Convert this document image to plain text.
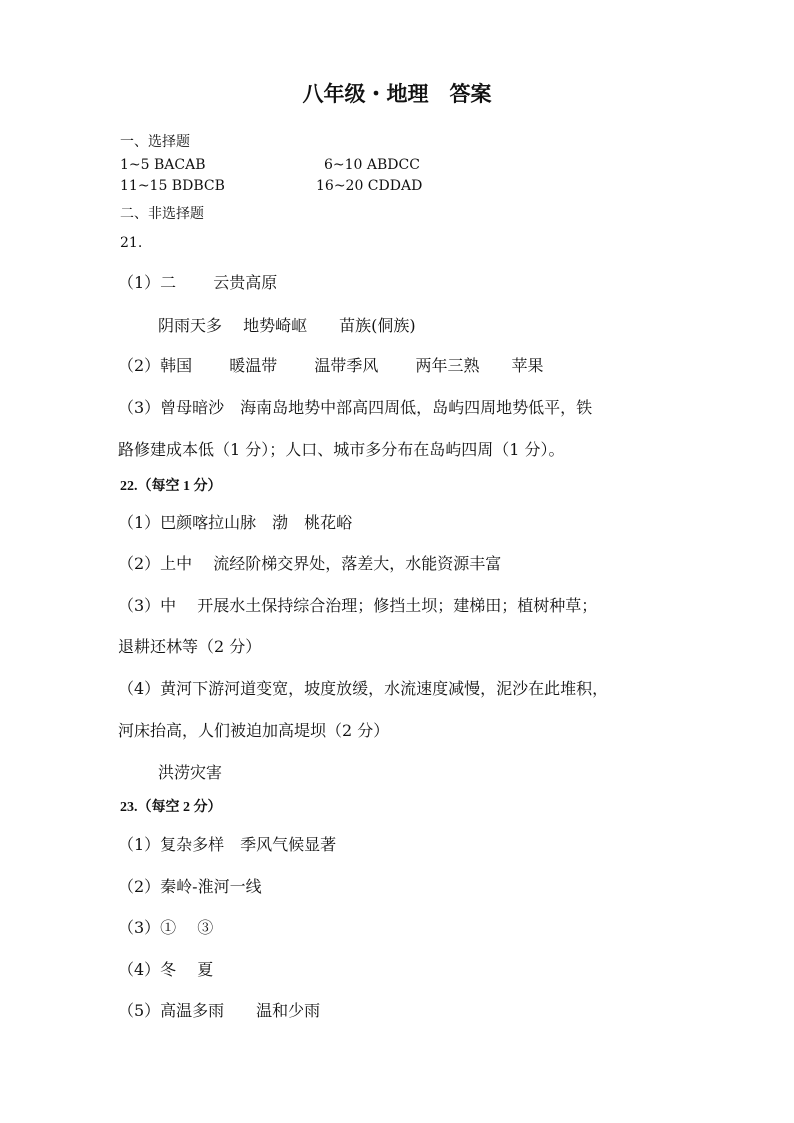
八年级・地理　答案
一、选择题
1~5 BACAB	6~10 ABDCC
11~15 BDBCB	16~20 CDDAD
二、非选择题
21.
（1）二　　 云贵高原
阴雨天多　 地势崎岖　　苗族(侗族)
（2）韩国　　 暖温带　　 温带季风　　 两年三熟　　苹果
（3）曾母暗沙　海南岛地势中部高四周低，岛屿四周地势低平，铁
路修建成本低（1 分）；人口、城市多分布在岛屿四周（1 分）。
22.（每空 1 分）
（1）巴颜喀拉山脉　渤　桃花峪
（2）上中　 流经阶梯交界处，落差大，水能资源丰富
（3）中　 开展水土保持综合治理；修挡土坝；建梯田；植树种草；
退耕还林等（2 分）
（4）黄河下游河道变宽，坡度放缓，水流速度减慢，泥沙在此堆积，
河床抬高，人们被迫加高堤坝（2 分）
洪涝灾害
23.（每空 2 分）
（1）复杂多样　季风气候显著
（2）秦岭-淮河一线
（3）①　 ③
（4）冬　 夏
（5）高温多雨　　温和少雨
